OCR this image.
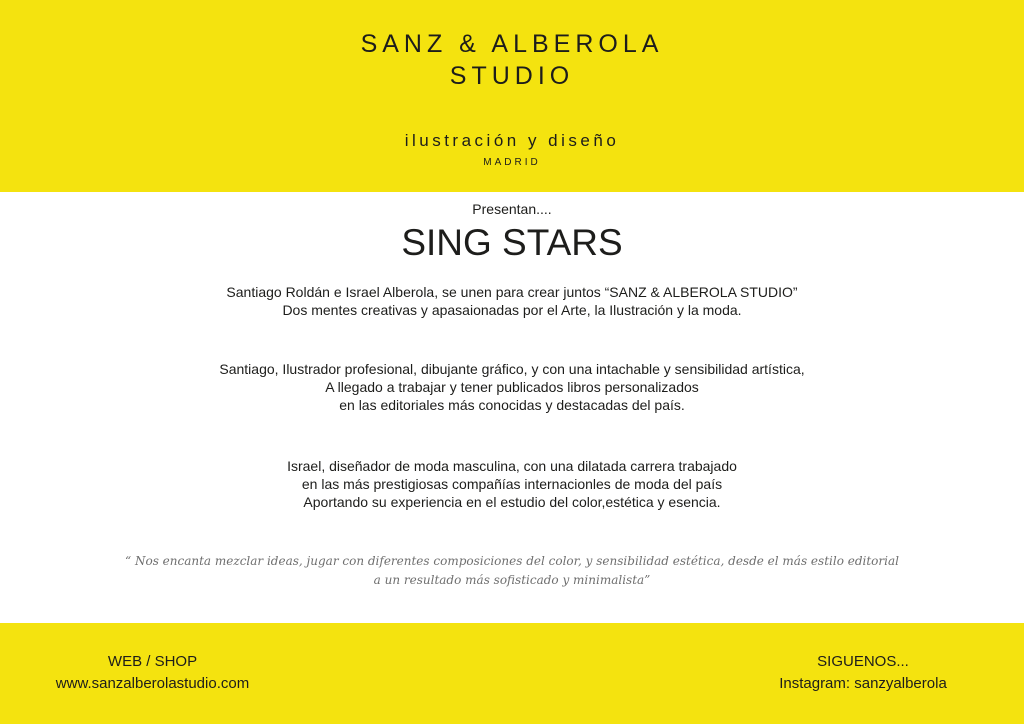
SANZ & ALBEROLA
STUDIO
ilustración y diseño
MADRID
Presentan....
SING STARS
Santiago Roldán e Israel Alberola, se unen para crear juntos “SANZ & ALBEROLA STUDIO”
Dos mentes creativas y apasaionadas por el Arte, la Ilustración y la moda.
Santiago, Ilustrador profesional, dibujante gráfico, y con una intachable y sensibilidad artística,
A llegado a trabajar y tener publicados libros personalizados
en las editoriales más conocidas y destacadas del país.
Israel, diseñador de moda masculina, con una dilatada carrera trabajado
en las más prestigiosas compañías internacionles de moda del país
Aportando su experiencia en el estudio del color,estética y esencia.
“ Nos encanta mezclar ideas, jugar con diferentes composiciones del color, y sensibilidad estética, desde el más estilo editorial
a un resultado más sofisticado y minimalista”
WEB / SHOP
www.sanzalberolastudio.com
SIGUENOS...
Instagram: sanzyalberola
